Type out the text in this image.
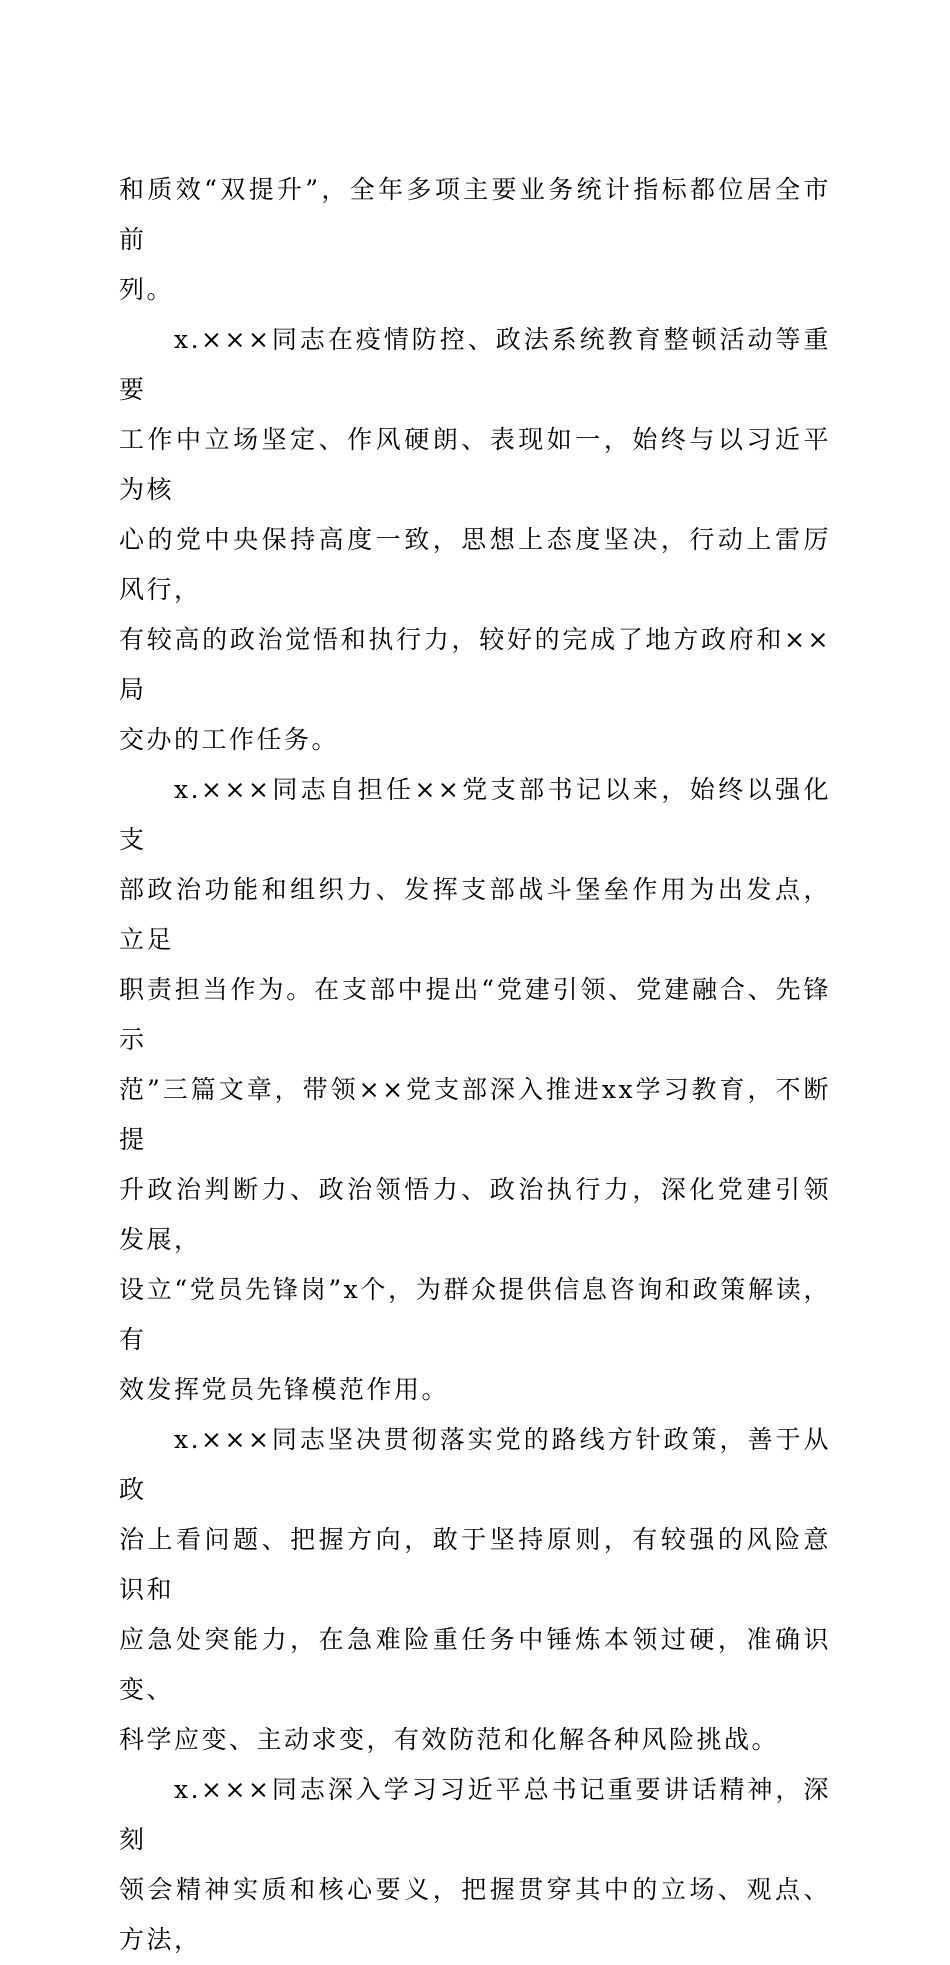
和质效“双提升”，全年多项主要业务统计指标都位居全市前
列。

x.×××同志在疫情防控、政法系统教育整顿活动等重要
工作中立场坚定、作风硬朗、表现如一，始终与以习近平为核
心的党中央保持高度一致，思想上态度坚决，行动上雷厉风行，
有较高的政治觉悟和执行力，较好的完成了地方政府和××局
交办的工作任务。

x.×××同志自担任××党支部书记以来，始终以强化支
部政治功能和组织力、发挥支部战斗堡垒作用为出发点，立足
职责担当作为。在支部中提出“党建引领、党建融合、先锋示
范”三篇文章，带领××党支部深入推进xx学习教育，不断提
升政治判断力、政治领悟力、政治执行力，深化党建引领发展，
设立“党员先锋岗”x个，为群众提供信息咨询和政策解读，有
效发挥党员先锋模范作用。

x.×××同志坚决贯彻落实党的路线方针政策，善于从政
治上看问题、把握方向，敢于坚持原则，有较强的风险意识和
应急处突能力，在急难险重任务中锤炼本领过硬，准确识变、
科学应变、主动求变，有效防范和化解各种风险挑战。

x.×××同志深入学习习近平总书记重要讲话精神，深刻
领会精神实质和核心要义，把握贯穿其中的立场、观点、方法，
